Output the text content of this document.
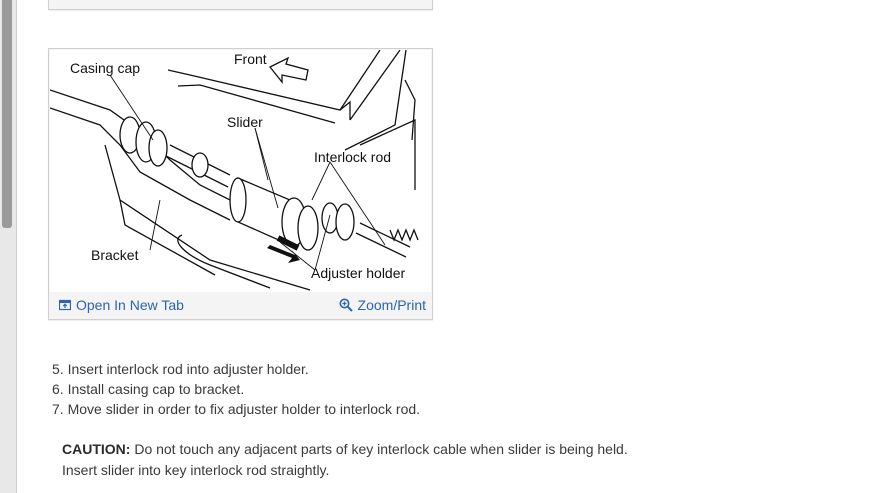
Casing cap
Front
Slider
Interlock rod
Bracket
Adjuster holder
Open In New Tab	Zoom/Print
5. Insert interlock rod into adjuster holder.
6. Install casing cap to bracket.
7. Move slider in order to fix adjuster holder to interlock rod.
CAUTION: Do not touch any adjacent parts of key interlock cable when slider is being held.
Insert slider into key interlock rod straightly.
